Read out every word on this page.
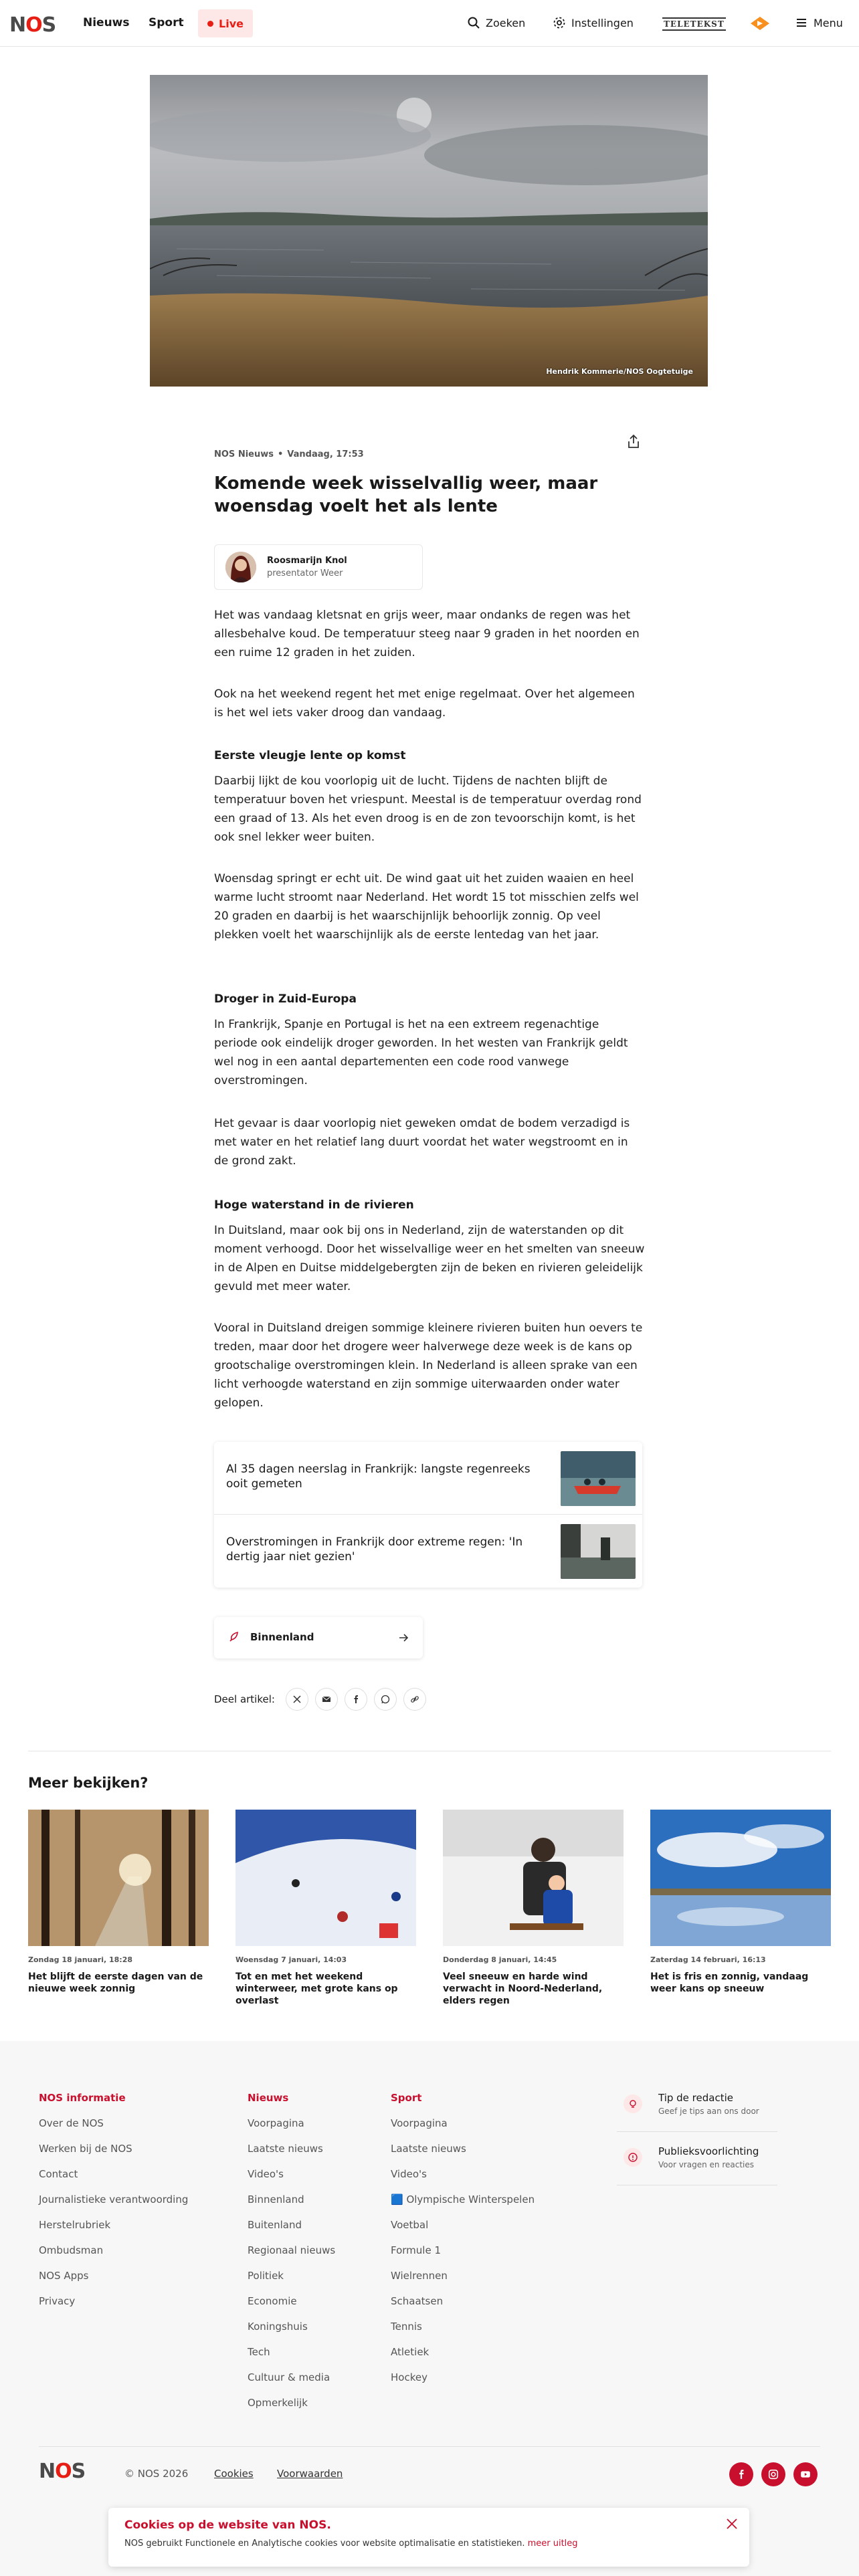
NOS Nieuws Sport	Live	Zoeken	Instellingen	TELETEKST	Menu
Hendrik Kommerie/NOS Oogtetuige
NOS Nieuws • Vandaag, 17:53
Komende week wisselvallig weer, maar woensdag voelt het als lente
Roosmarijn Knol
presentator Weer

Het was vandaag kletsnat en grijs weer, maar ondanks de regen was het allesbehalve koud. De temperatuur steeg naar 9 graden in het noorden en een ruime 12 graden in het zuiden.

Ook na het weekend regent het met enige regelmaat. Over het algemeen is het wel iets vaker droog dan vandaag.

Eerste vleugje lente op komst

Daarbij lijkt de kou voorlopig uit de lucht. Tijdens de nachten blijft de temperatuur boven het vriespunt. Meestal is de temperatuur overdag rond een graad of 13. Als het even droog is en de zon tevoorschijn komt, is het ook snel lekker weer buiten.

Woensdag springt er echt uit. De wind gaat uit het zuiden waaien en heel warme lucht stroomt naar Nederland. Het wordt 15 tot misschien zelfs wel 20 graden en daarbij is het waarschijnlijk behoorlijk zonnig. Op veel plekken voelt het waarschijnlijk als de eerste lentedag van het jaar.

Droger in Zuid-Europa

In Frankrijk, Spanje en Portugal is het na een extreem regenachtige periode ook eindelijk droger geworden. In het westen van Frankrijk geldt wel nog in een aantal departementen een code rood vanwege overstromingen.

Het gevaar is daar voorlopig niet geweken omdat de bodem verzadigd is met water en het relatief lang duurt voordat het water wegstroomt en in de grond zakt.

Hoge waterstand in de rivieren

In Duitsland, maar ook bij ons in Nederland, zijn de waterstanden op dit moment verhoogd. Door het wisselvallige weer en het smelten van sneeuw in de Alpen en Duitse middelgebergten zijn de beken en rivieren geleidelijk gevuld met meer water.

Vooral in Duitsland dreigen sommige kleinere rivieren buiten hun oevers te treden, maar door het drogere weer halverwege deze week is de kans op grootschalige overstromingen klein. In Nederland is alleen sprake van een licht verhoogde waterstand en zijn sommige uiterwaarden onder water gelopen.

Al 35 dagen neerslag in Frankrijk: langste regenreeks ooit gemeten
Overstromingen in Frankrijk door extreme regen: 'In dertig jaar niet gezien'
Binnenland
Deel artikel:
Meer bekijken?
Zondag 18 januari, 18:28
Het blijft de eerste dagen van de nieuwe week zonnig
Woensdag 7 januari, 14:03
Tot en met het weekend winterweer, met grote kans op overlast
Donderdag 8 januari, 14:45
Veel sneeuw en harde wind verwacht in Noord-Nederland, elders regen
Zaterdag 14 februari, 16:13
Het is fris en zonnig, vandaag weer kans op sneeuw
NOS informatie
Over de NOS
Werken bij de NOS
Contact
Journalistieke verantwoording
Herstelrubriek
Ombudsman
NOS Apps
Privacy
Nieuws
Voorpagina
Laatste nieuws
Video's
Binnenland
Buitenland
Regionaal nieuws
Politiek
Economie
Koningshuis
Tech
Cultuur & media
Opmerkelijk
Sport
Voorpagina
Laatste nieuws
Video's
🟦 Olympische Winterspelen
Voetbal
Formule 1
Wielrennen
Schaatsen
Tennis
Atletiek
Hockey
Tip de redactie
Geef je tips aan ons door
Publieksvoorlichting
Voor vragen en reacties
NOS	© NOS 2026	Cookies Voorwaarden
Cookies op de website van NOS.
NOS gebruikt Functionele en Analytische cookies voor website optimalisatie en statistieken. meer uitleg
